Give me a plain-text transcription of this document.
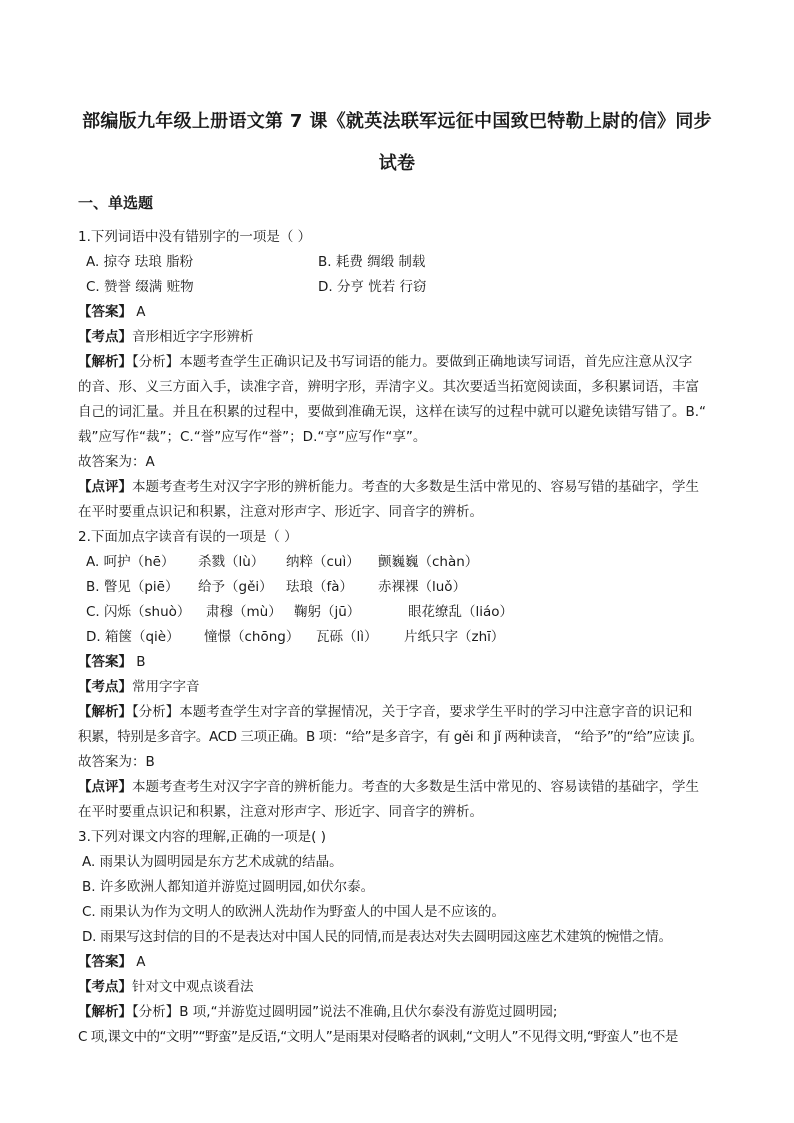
部编版九年级上册语文第 7 课《就英法联军远征中国致巴特勒上尉的信》同步
试卷
一、单选题
1.下列词语中没有错别字的一项是（ ）
A. 掠夺 珐琅 脂粉	B. 耗费 绸缎 制载
C. 赞誉 缀满 赃物	D. 分亨 恍若 行窃
【答案】 A
【考点】音形相近字字形辨析
【解析】【分析】本题考查学生正确识记及书写词语的能力。要做到正确地读写词语，首先应注意从汉字
的音、形、义三方面入手，读准字音，辨明字形，弄清字义。其次要适当拓宽阅读面，多积累词语，丰富
自己的词汇量。并且在积累的过程中，要做到准确无误，这样在读写的过程中就可以避免读错写错了。B.“
载”应写作“裁”；C.“誉”应写作“誉”；D.“亨”应写作“享”。
故答案为：A
【点评】本题考查考生对汉字字形的辨析能力。考查的大多数是生活中常见的、容易写错的基础字，学生
在平时要重点识记和积累，注意对形声字、形近字、同音字的辨析。
2.下面加点字读音有误的一项是（ ）
A. 呵护（hē） 杀戮（lù） 纳粹（cuì） 颤巍巍（chàn）
B. 瞥见（piē） 给予（gěi） 珐琅（fà） 赤裸裸（luǒ）
C. 闪烁（shuò） 肃穆（mù） 鞠躬（jū）	眼花缭乱（liáo）
D. 箱箧（qiè） 憧憬（chōng） 瓦砾（lì） 片纸只字（zhī）
【答案】 B
【考点】常用字字音
【解析】【分析】本题考查学生对字音的掌握情况，关于字音，要求学生平时的学习中注意字音的识记和
积累，特别是多音字。ACD 三项正确。B 项：“给”是多音字，有 gěi 和 jǐ 两种读音， “给予”的“给”应读 jǐ。
故答案为：B
【点评】本题考查考生对汉字字音的辨析能力。考查的大多数是生活中常见的、容易读错的基础字，学生
在平时要重点识记和积累，注意对形声字、形近字、同音字的辨析。
3.下列对课文内容的理解,正确的一项是( )
A. 雨果认为圆明园是东方艺术成就的结晶。
B. 许多欧洲人都知道并游览过圆明园,如伏尔泰。
C. 雨果认为作为文明人的欧洲人洗劫作为野蛮人的中国人是不应该的。
D. 雨果写这封信的目的不是表达对中国人民的同情,而是表达对失去圆明园这座艺术建筑的惋惜之情。
【答案】 A
【考点】针对文中观点谈看法
【解析】【分析】B 项,“并游览过圆明园”说法不准确,且伏尔泰没有游览过圆明园;
C 项,课文中的“文明”“野蛮”是反语,“文明人”是雨果对侵略者的讽刺,“文明人”不见得文明,“野蛮人”也不是
